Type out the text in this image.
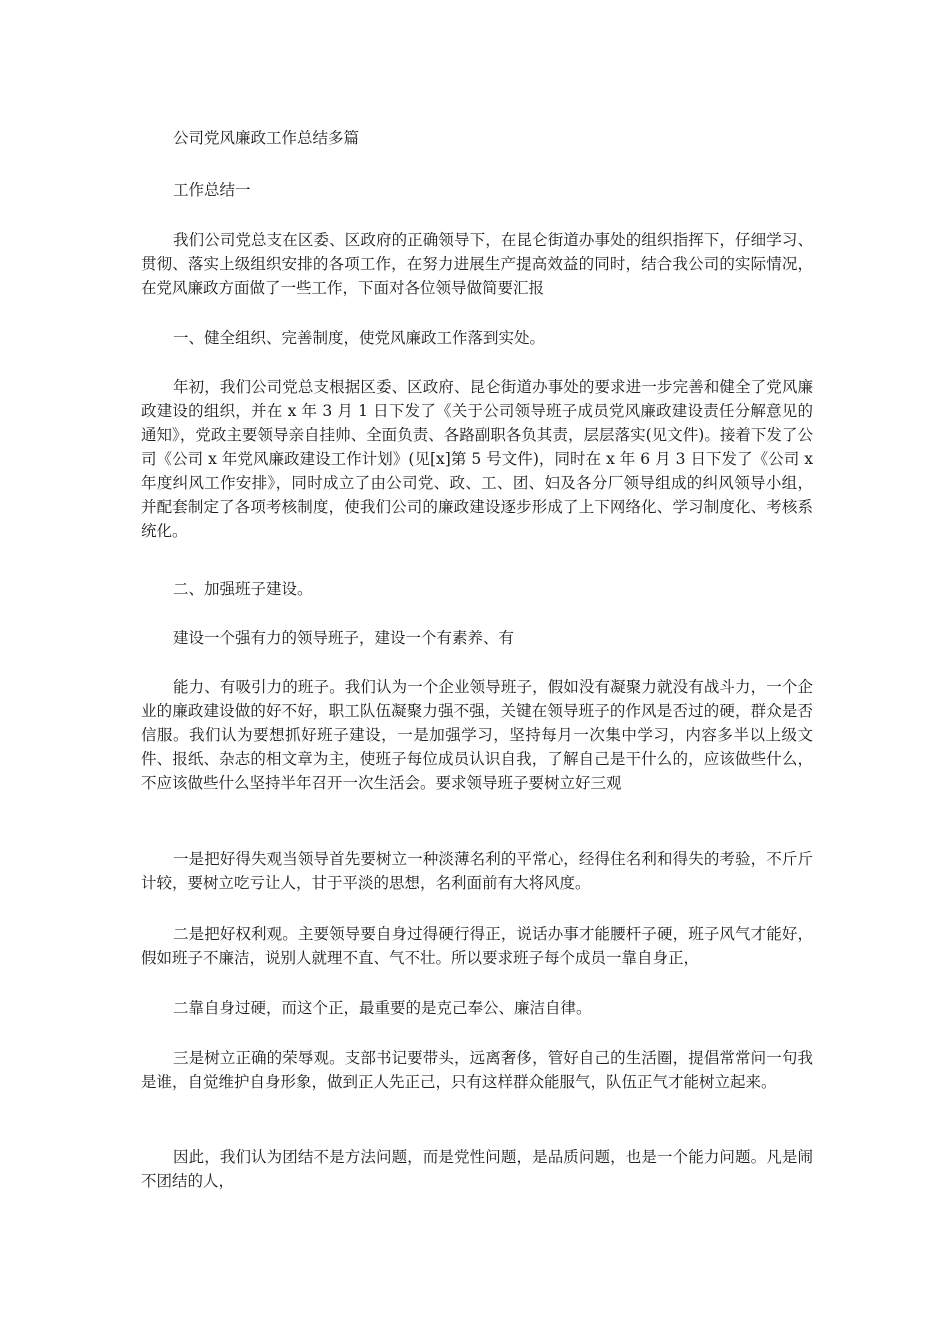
公司党风廉政工作总结多篇

工作总结一

我们公司党总支在区委、区政府的正确领导下，在昆仑街道办事处的组织指挥下，仔细学习、贯彻、落实上级组织安排的各项工作，在努力进展生产提高效益的同时，结合我公司的实际情况，在党风廉政方面做了一些工作，下面对各位领导做简要汇报

一、健全组织、完善制度，使党风廉政工作落到实处。

年初，我们公司党总支根据区委、区政府、昆仑街道办事处的要求进一步完善和健全了党风廉政建设的组织，并在 x 年 3 月 1 日下发了《关于公司领导班子成员党风廉政建设责任分解意见的通知》，党政主要领导亲自挂帅、全面负责、各路副职各负其责，层层落实(见文件)。接着下发了公司《公司 x 年党风廉政建设工作计划》(见[x]第 5 号文件)，同时在 x 年 6 月 3 日下发了《公司 x 年度纠风工作安排》，同时成立了由公司党、政、工、团、妇及各分厂领导组成的纠风领导小组，并配套制定了各项考核制度，使我们公司的廉政建设逐步形成了上下网络化、学习制度化、考核系统化。

二、加强班子建设。

建设一个强有力的领导班子，建设一个有素养、有

能力、有吸引力的班子。我们认为一个企业领导班子，假如没有凝聚力就没有战斗力，一个企业的廉政建设做的好不好，职工队伍凝聚力强不强，关键在领导班子的作风是否过的硬，群众是否信服。我们认为要想抓好班子建设，一是加强学习，坚持每月一次集中学习，内容多半以上级文件、报纸、杂志的相文章为主，使班子每位成员认识自我，了解自己是干什么的，应该做些什么，不应该做些什么坚持半年召开一次生活会。要求领导班子要树立好三观

一是把好得失观当领导首先要树立一种淡薄名利的平常心，经得住名利和得失的考验，不斤斤计较，要树立吃亏让人，甘于平淡的思想，名利面前有大将风度。

二是把好权利观。主要领导要自身过得硬行得正，说话办事才能腰杆子硬，班子风气才能好，假如班子不廉洁，说别人就理不直、气不壮。所以要求班子每个成员一靠自身正，

二靠自身过硬，而这个正，最重要的是克己奉公、廉洁自律。

三是树立正确的荣辱观。支部书记要带头，远离奢侈，管好自己的生活圈，提倡常常问一句我是谁，自觉维护自身形象，做到正人先正己，只有这样群众能服气，队伍正气才能树立起来。

因此，我们认为团结不是方法问题，而是党性问题，是品质问题，也是一个能力问题。凡是闹不团结的人，
